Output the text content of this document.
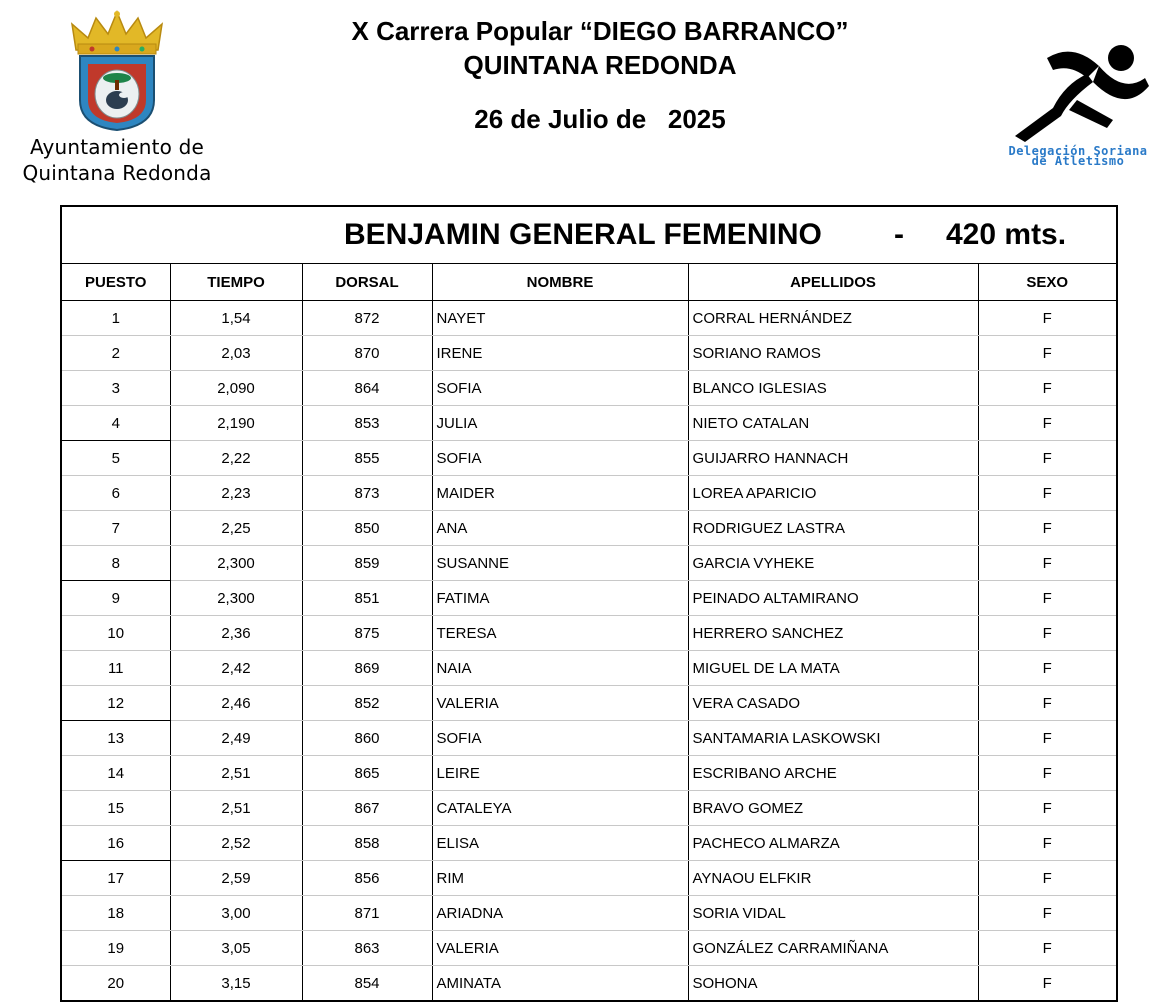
Ayuntamiento de
Quintana Redonda
X Carrera Popular “DIEGO BARRANCO”
QUINTANA REDONDA
26 de Julio de   2025
Delegación Soriana
de Atletismo
BENJAMIN GENERAL FEMENINO - 420 mts.
PUESTO	TIEMPO	DORSAL	NOMBRE	APELLIDOS	SEXO
1	1,54	872	NAYET	CORRAL HERNÁNDEZ	F
2	2,03	870	IRENE	SORIANO RAMOS	F
3	2,090	864	SOFIA	BLANCO IGLESIAS	F
4	2,190	853	JULIA	NIETO CATALAN	F
5	2,22	855	SOFIA	GUIJARRO HANNACH	F
6	2,23	873	MAIDER	LOREA APARICIO	F
7	2,25	850	ANA	RODRIGUEZ LASTRA	F
8	2,300	859	SUSANNE	GARCIA VYHEKE	F
9	2,300	851	FATIMA	PEINADO ALTAMIRANO	F
10	2,36	875	TERESA	HERRERO SANCHEZ	F
11	2,42	869	NAIA	MIGUEL DE LA MATA	F
12	2,46	852	VALERIA	VERA CASADO	F
13	2,49	860	SOFIA	SANTAMARIA LASKOWSKI	F
14	2,51	865	LEIRE	ESCRIBANO ARCHE	F
15	2,51	867	CATALEYA	BRAVO GOMEZ	F
16	2,52	858	ELISA	PACHECO ALMARZA	F
17	2,59	856	RIM	AYNAOU ELFKIR	F
18	3,00	871	ARIADNA	SORIA VIDAL	F
19	3,05	863	VALERIA	GONZÁLEZ CARRAMIÑANA	F
20	3,15	854	AMINATA	SOHONA	F
